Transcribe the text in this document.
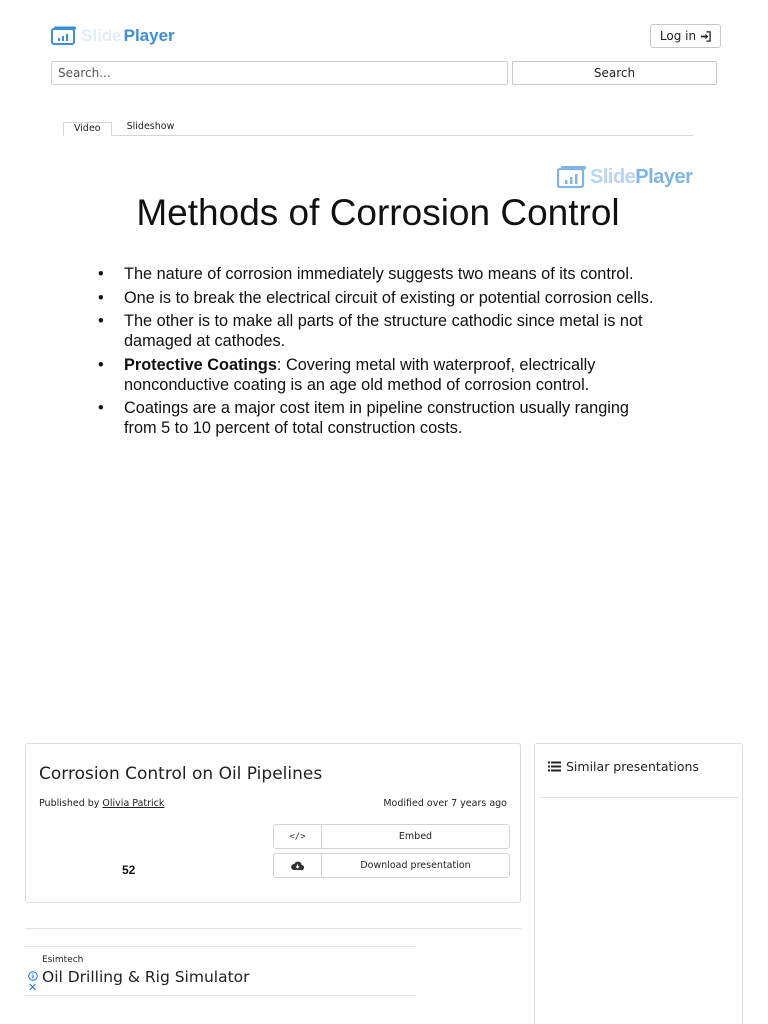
Slide Player	Log in
Search...
Search
Video	Slideshow
Slide Player
Methods of Corrosion Control
• The nature of corrosion immediately suggests two means of its control.
• One is to break the electrical circuit of existing or potential corrosion cells.
• The other is to make all parts of the structure cathodic since metal is not damaged at cathodes.
• Protective Coatings: Covering metal with waterproof, electrically nonconductive coating is an age old method of corrosion control.
• Coatings are a major cost item in pipeline construction usually ranging from 5 to 10 percent of total construction costs.
Corrosion Control on Oil Pipelines
Published by Olivia Patrick	Modified over 7 years ago
52
</>	Embed
Download presentation
✕
Esimtech
Oil Drilling & Rig Simulator
Similar presentations
